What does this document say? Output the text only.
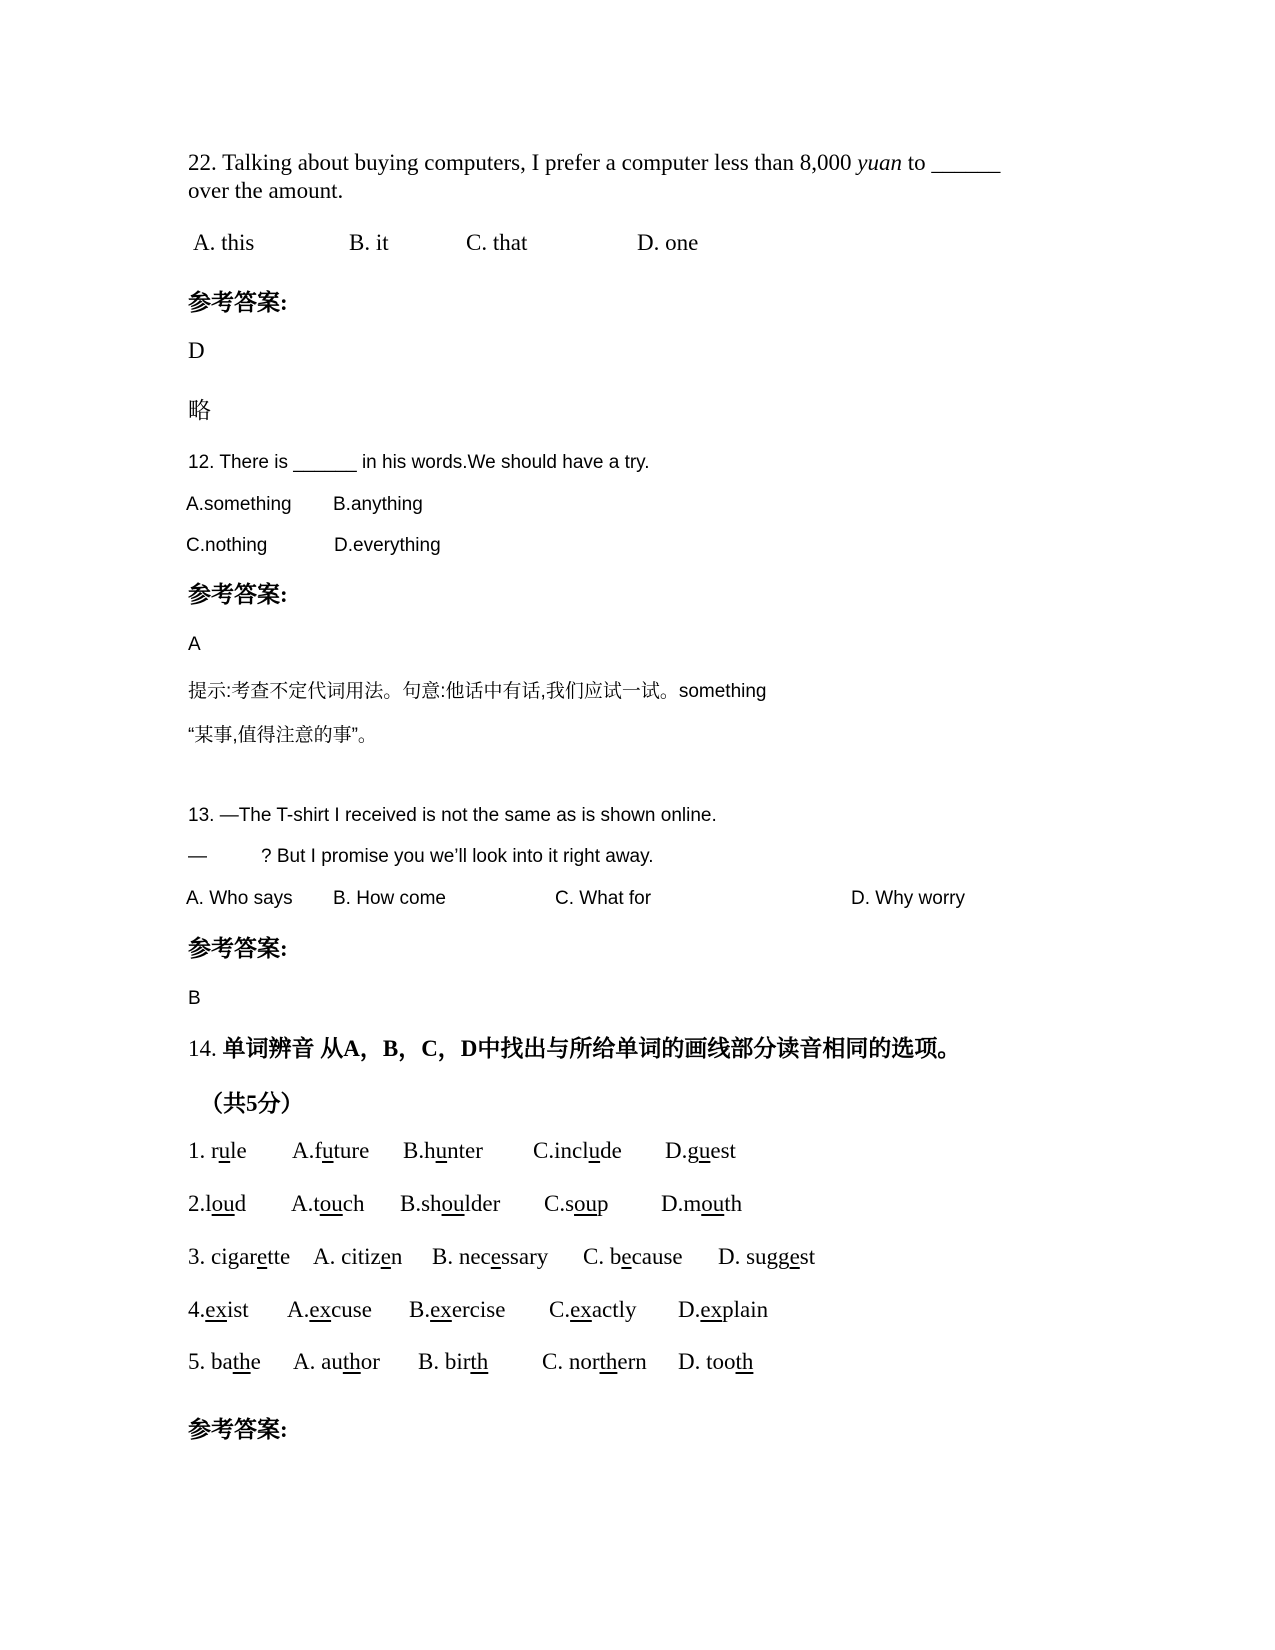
22. Talking about buying computers, I prefer a computer less than 8,000 yuan to ______
over the amount.
A. this	B. it	C. that	D. one
参考答案:
D
略
12. There is ______ in his words.We should have a try.
A.something B.anything
C.nothing	D.everything
参考答案:
A
提示:考查不定代词用法。句意:他话中有话,我们应试一试。something
“某事,值得注意的事”。
13. —The T-shirt I received is not the same as is shown online.
—	? But I promise you we’ll look into it right away.
A. Who says B. How come	C. What for	D. Why worry
参考答案:
B
14. 单词辨音 从A，B，C，D中找出与所给单词的画线部分读音相同的选项。
（共5分）
1. rule A.future B.hunter C.include D.guest
2.loud A.touch B.shoulder C.soup D.mouth
3. cigarette A. citizen B. necessary C. because D. suggest
4.exist A.excuse B.exercise C.exactly D.explain
5. bathe A. author B. birth C. northern D. tooth
参考答案:
